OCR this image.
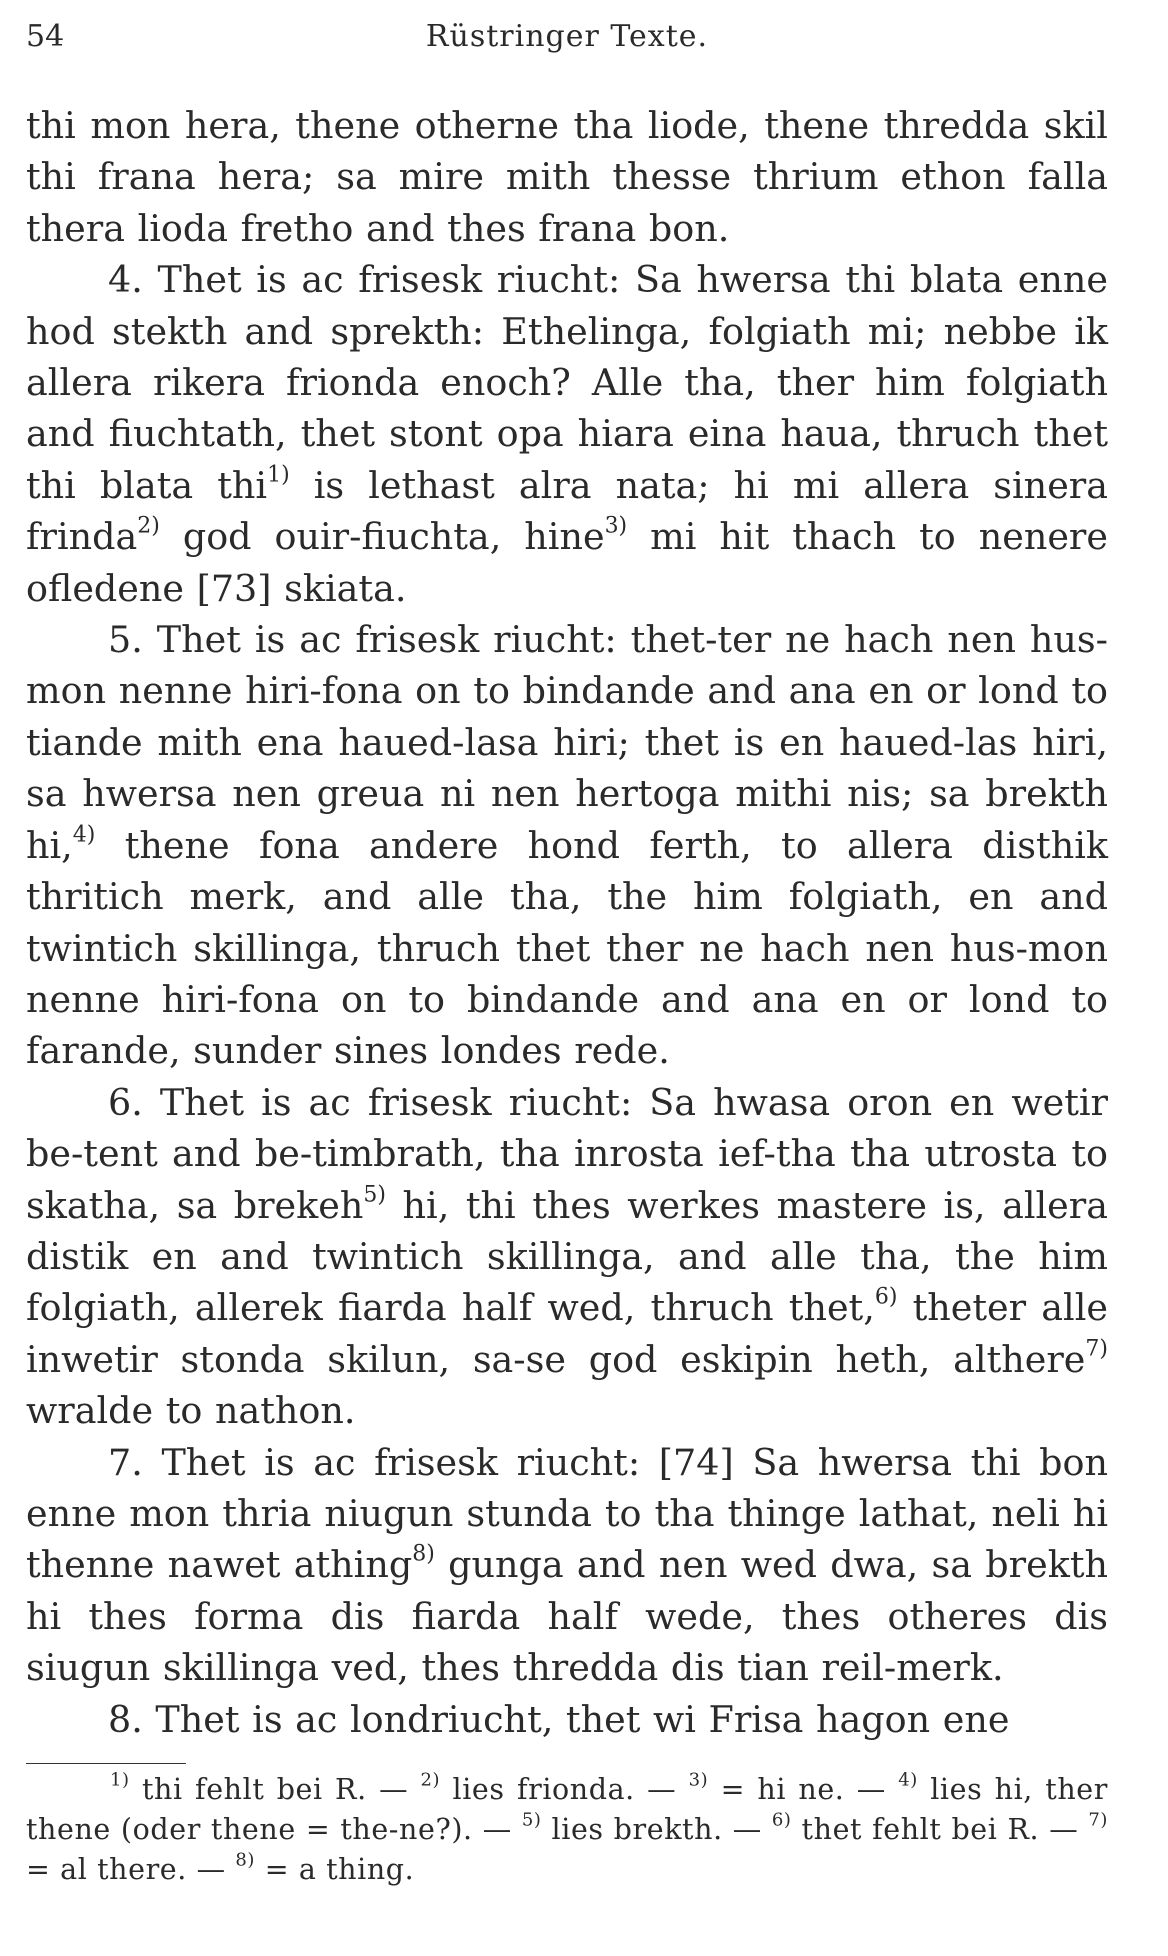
54	Rüstringer Texte.

thi mon hera, thene otherne tha liode, thene thredda skil thi frana hera; sa mire mith thesse thrium ethon falla thera lioda fretho and thes frana bon.

4. Thet is ac frisesk riucht: Sa hwersa thi blata enne hod stekth and sprekth: Ethelinga, folgiath mi; nebbe ik allera rikera frionda enoch? Alle tha, ther him folgiath and fiuchtath, thet stont opa hiara eina haua, thruch thet thi blata thi$^{1)}$ is lethast alra nata; hi mi allera sinera frinda$^{2)}$ god ouir-fiuchta, hine$^{3)}$ mi hit thach to nenere ofledene [73] skiata.

5. Thet is ac frisesk riucht: thet-ter ne hach nen hus-mon nenne hiri-fona on to bindande and ana en or lond to tiande mith ena haued-lasa hiri; thet is en haued-las hiri, sa hwersa nen greua ni nen hertoga mithi nis; sa brekth hi,$^{4)}$ thene fona andere hond ferth, to allera disthik thritich merk, and alle tha, the him folgiath, en and twintich skillinga, thruch thet ther ne hach nen hus-mon nenne hiri-fona on to bindande and ana en or lond to farande, sunder sines londes rede.

6. Thet is ac frisesk riucht: Sa hwasa oron en wetir be-tent and be-timbrath, tha inrosta ief-tha tha utrosta to skatha, sa brekeh$^{5)}$ hi, thi thes werkes mastere is, allera distik en and twintich skillinga, and alle tha, the him folgiath, allerek fiarda half wed, thruch thet,$^{6)}$ theter alle inwetir stonda skilun, sa-se god eskipin heth, althere$^{7)}$ wralde to nathon.

7. Thet is ac frisesk riucht: [74] Sa hwersa thi bon enne mon thria niugun stunda to tha thinge lathat, neli hi thenne nawet athing$^{8)}$ gunga and nen wed dwa, sa brekth hi thes forma dis fiarda half wede, thes otheres dis siugun skillinga ved, thes thredda dis tian reil-merk.

8. Thet is ac londriucht, thet wi Frisa hagon ene

$^{1)}$ thi fehlt bei R. — $^{2)}$ lies frionda. — $^{3)}$ = hi ne. — $^{4)}$ lies hi, ther thene (oder thene = the-ne?). — $^{5)}$ lies brekth. — $^{6)}$ thet fehlt bei R. — $^{7)}$ = al there. — $^{8)}$ = a thing.
